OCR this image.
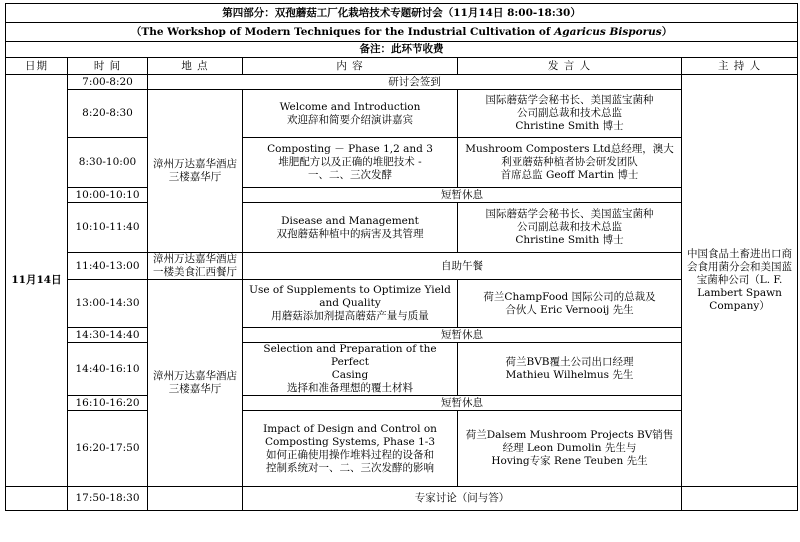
第四部分：双孢蘑菇工厂化栽培技术专题研讨会（11月14日 8:00-18:30）					
（The Workshop of Modern Techniques for the Industrial Cultivation of Agaricus Bisporus）					
备注：此环节收费					
日期	时 间	地 点	内 容	发 言 人	主 持 人
11月14日	7:00-8:20	研讨会签到			中国食品土畜进出口商会食用菌分会和美国蓝宝菌种公司（L. F. Lambert Spawn Company）
	8:20-8:30	漳州万达嘉华酒店三楼嘉华厅	Welcome and Introduction
欢迎辞和简要介绍演讲嘉宾	国际蘑菇学会秘书长、美国蓝宝菌种
公司副总裁和技术总监
Christine Smith 博士	

	8:30-10:00		Composting － Phase 1,2 and 3
堆肥配方以及正确的堆肥技术 -
一、二、三次发酵	Mushroom Composters Ltd总经理，澳大
利亚蘑菇种植者协会研发团队
首席总监 Geoff Martin 博士	

	10:00-10:10		短暂休息		
	10:10-11:40		Disease and Management
双孢蘑菇种植中的病害及其管理	国际蘑菇学会秘书长、美国蓝宝菌种
公司副总裁和技术总监
Christine Smith 博士	

	11:40-13:00	漳州万达嘉华酒店一楼美食汇西餐厅	自助午餐		
	13:00-14:30	漳州万达嘉华酒店三楼嘉华厅	Use of Supplements to Optimize Yield
and Quality
用蘑菇添加剂提高蘑菇产量与质量	荷兰ChampFood 国际公司的总裁及
合伙人 Eric Vernooij 先生	

	14:30-14:40		短暂休息		
	14:40-16:10		Selection and Preparation of the Perfect
Casing
选择和准备理想的覆土材料	荷兰BVB覆土公司出口经理
Mathieu Wilhelmus 先生	

	16:10-16:20		短暂休息		
	16:20-17:50		Impact of Design and Control on
Composting Systems, Phase 1-3
如何正确使用操作堆料过程的设备和
控制系统对一、二、三次发酵的影响	荷兰Dalsem Mushroom Projects BV销售
经理 Leon Dumolin 先生与
Hoving专家 Rene Teuben 先生	

	17:50-18:30		专家讨论（问与答）		
